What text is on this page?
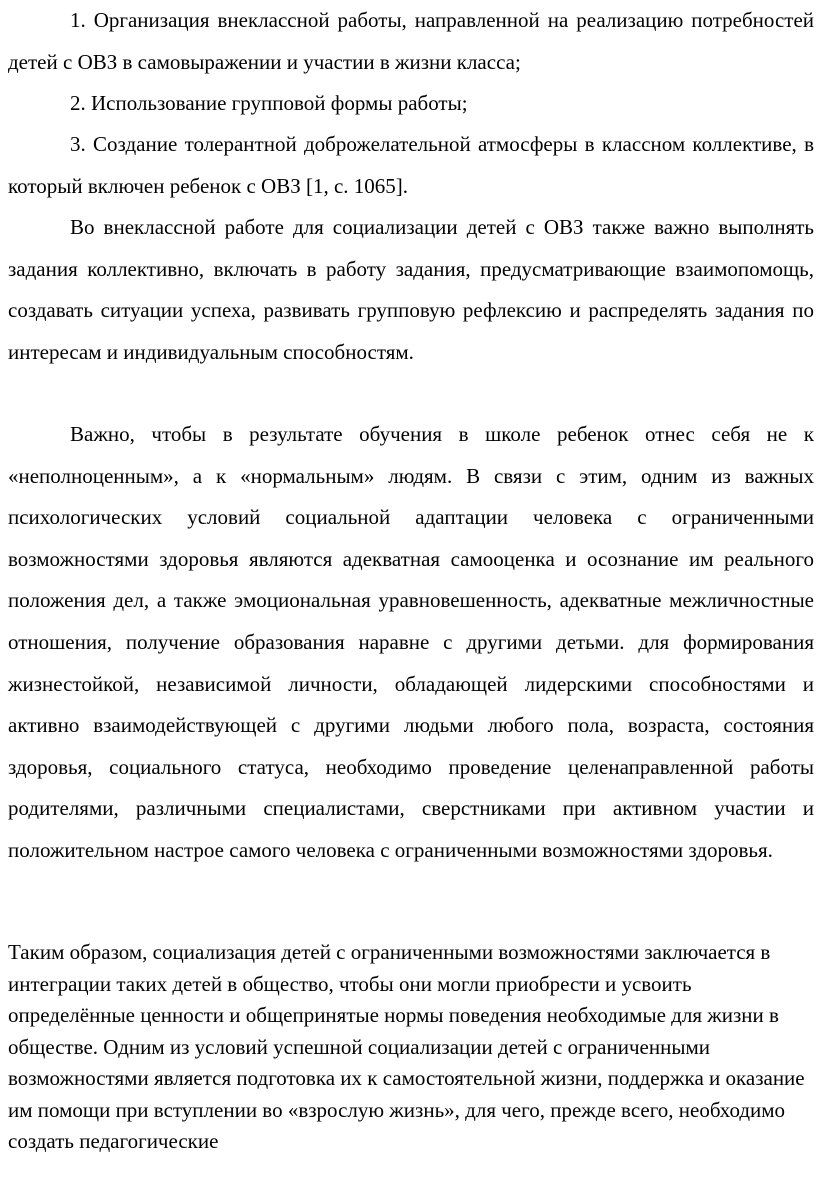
1. Организация внеклассной работы, направленной на реализацию потребностей детей с ОВЗ в самовыражении и участии в жизни класса;

2. Использование групповой формы работы;

3. Создание толерантной доброжелательной атмосферы в классном коллективе, в который включен ребенок с ОВЗ [1, с. 1065].

Во внеклассной работе для социализации детей с ОВЗ также важно выполнять задания коллективно, включать в работу задания, предусматривающие взаимопомощь, создавать ситуации успеха, развивать групповую рефлексию и распределять задания по интересам и индивидуальным способностям.

Важно, чтобы в результате обучения в школе ребенок отнес себя не к «неполноценным», а к «нормальным» людям. В связи с этим, одним из важных психологических условий социальной адаптации человека с ограниченными возможностями здоровья являются адекватная самооценка и осознание им реального положения дел, а также эмоциональная уравновешенность, адекватные межличностные отношения, получение образования наравне с другими детьми. для формирования жизнестойкой, независимой личности, обладающей лидерскими способностями и активно взаимодействующей с другими людьми любого пола, возраста, состояния здоровья, социального статуса, необходимо проведение целенаправленной работы родителями, различными специалистами, сверстниками при активном участии и положительном настрое самого человека с ограниченными возможностями здоровья.

Таким образом, социализация детей с ограниченными возможностями заключается в интеграции таких детей в общество, чтобы они могли приобрести и усвоить определённые ценности и общепринятые нормы поведения необходимые для жизни в обществе. Одним из условий успешной социализации детей с ограниченными возможностями является подготовка их к самостоятельной жизни, поддержка и оказание им помощи при вступлении во «взрослую жизнь», для чего, прежде всего, необходимо создать педагогические
